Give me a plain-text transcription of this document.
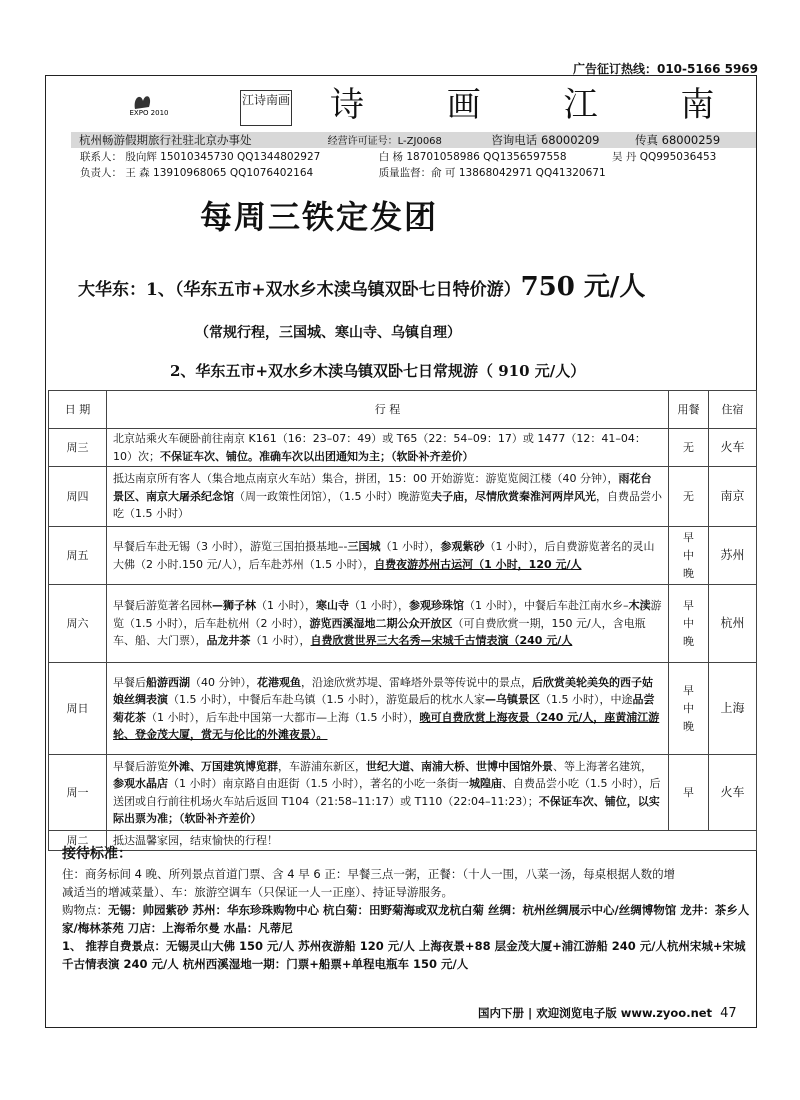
广告征订热线：010-5166 5969
EXPO 2010
江诗南画 诗 画 江 南
杭州畅游假期旅行社驻北京办事处	经营许可证号：L-ZJ0068	咨询电话 68000209	传真 68000259
联系人： 殷向辉 15010345730 QQ1344802927	白 杨 18701058986 QQ1356597558	吴 丹 QQ995036453
负责人： 王 森 13910968065 QQ1076402164	质量监督：俞 可 13868042971 QQ41320671
每周三铁定发团
大华东：1、（华东五市+双水乡木渎乌镇双卧七日特价游）750 元/人
（常规行程，三国城、寒山寺、乌镇自理）
2、华东五市+双水乡木渎乌镇双卧七日常规游（ 910 元/人）
日 期	行 程	用餐	住宿
周三	北京站乘火车硬卧前往南京 K161（16：23–07：49）或 T65（22：54–09：17）或 1477（12：41–04：10）次；不保证车次、铺位。准确车次以出团通知为主；（软卧补齐差价）	无	火车
周四	抵达南京所有客人（集合地点南京火车站）集合，拼团，15：00 开始游览：游览览阅江楼（40 分钟），雨花台景区、南京大屠杀纪念馆（周一政策性闭馆），（1.5 小时）晚游览夫子庙，尽情欣赏秦淮河两岸风光，自费品尝小吃（1.5 小时）	无	南京
周五	早餐后车赴无锡（3 小时），游览三国拍摄基地–-三国城（1 小时），参观紫砂（1 小时），后自费游览著名的灵山大佛（2 小时.150 元/人），后车赴苏州（1.5 小时），自费夜游苏州古运河（1 小时，120 元/人	早
中
晚	苏州
周六	早餐后游览著名园林—狮子林（1 小时），寒山寺（1 小时），参观珍珠馆（1 小时），中餐后车赴江南水乡–木渎游览（1.5 小时），后车赴杭州（2 小时），游览西溪湿地二期公众开放区（可自费欣赏一期，150 元/人，含电瓶车、船、大门票），品龙井茶（1 小时），自费欣赏世界三大名秀—宋城千古情表演（240 元/人	早
中
晚	杭州
周日	早餐后船游西湖（40 分钟），花港观鱼，沿途欣赏苏堤、雷峰塔外景等传说中的景点，后欣赏美轮美奂的西子姑娘丝绸表演（1.5 小时），中餐后车赴乌镇（1.5 小时），游览最后的枕水人家—乌镇景区（1.5 小时），中途品尝菊花茶（1 小时），后车赴中国第一大都市—上海（1.5 小时），晚可自费欣赏上海夜景（240 元/人，座黄浦江游轮、登金茂大厦，赏无与伦比的外滩夜景）。	早
中
晚	上海
周一	早餐后游览外滩、万国建筑博览群，车游浦东新区，世纪大道、南浦大桥、世博中国馆外景、等上海著名建筑，参观水晶店（1 小时）南京路自由逛街（1.5 小时），著名的小吃一条街一城隍庙、自费品尝小吃（1.5 小时），后送团或自行前往机场火车站后返回 T104（21:58–11:17）或 T110（22:04–11:23）；不保证车次、铺位，以实际出票为准；（软卧补齐差价）	早	火车
周二	抵达温馨家园，结束愉快的行程！		
接待标准：
住：商务标间 4 晚、所列景点首道门票、含 4 早 6 正：早餐三点一粥，正餐：（十人一围，八菜一汤，每桌根据人数的增
减适当的增减菜量）、车：旅游空调车（只保证一人一正座）、持证导游服务。
购物点：无锡：帅园紫砂 苏州：华东珍珠购物中心 杭白菊：田野菊海或双龙杭白菊 丝绸：杭州丝绸展示中心/丝绸博物馆 龙井：茶乡人家/梅林茶苑 刀店：上海希尔曼 水晶：凡蒂尼
1、 推荐自费景点：无锡灵山大佛 150 元/人 苏州夜游船 120 元/人 上海夜景+88 层金茂大厦+浦江游船 240 元/人杭州宋城+宋城千古情表演 240 元/人 杭州西溪湿地一期：门票+船票+单程电瓶车 150 元/人
国内下册 | 欢迎浏览电子版 www.zyoo.net 47
